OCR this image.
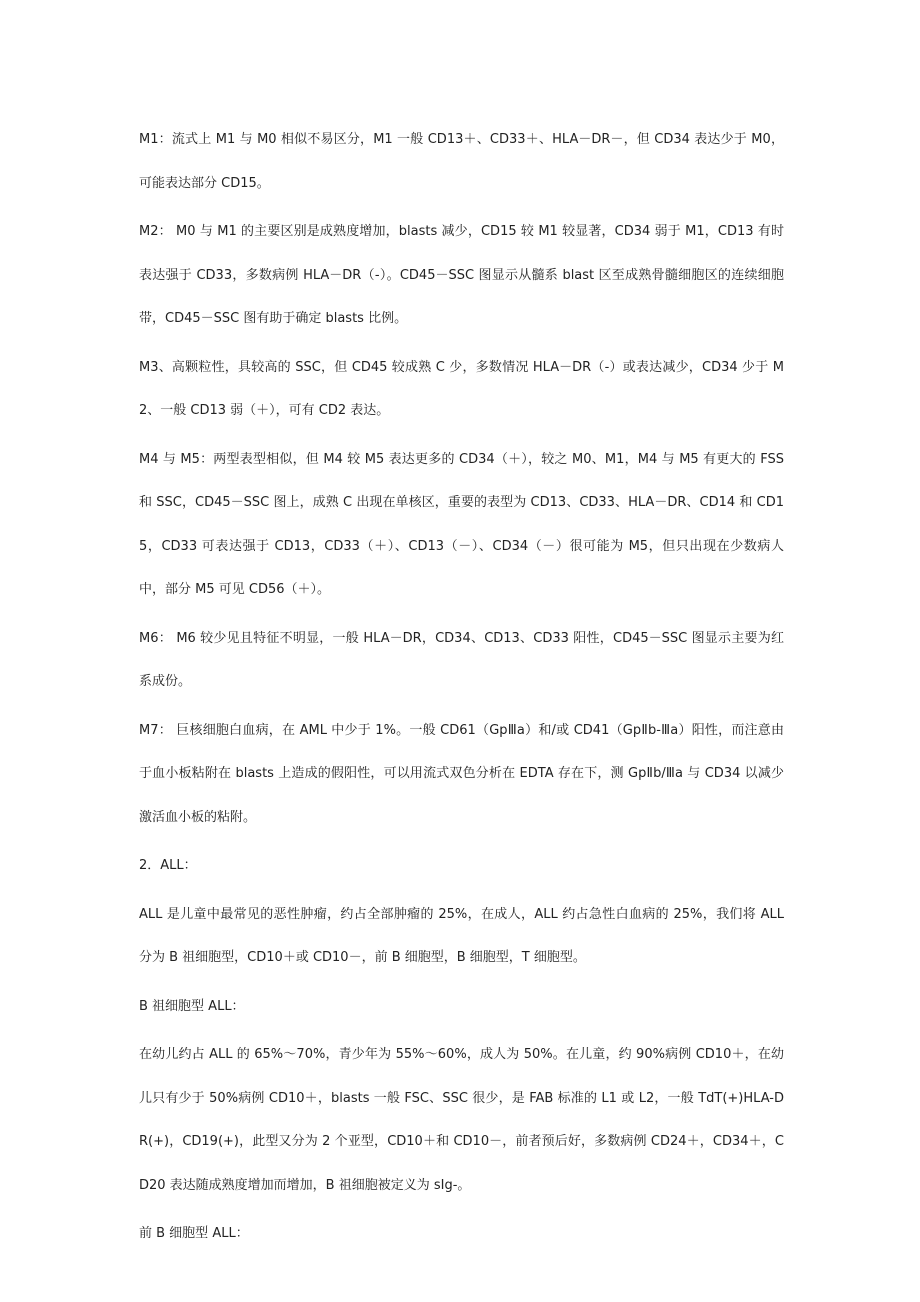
M1：流式上 M1 与 M0 相似不易区分，M1 一般 CD13＋、CD33＋、HLA－DR－，但 CD34 表达少于 M0，可能表达部分 CD15。

M2： M0 与 M1 的主要区别是成熟度增加，blasts 减少，CD15 较 M1 较显著，CD34 弱于 M1，CD13 有时表达强于 CD33，多数病例 HLA－DR（-）。CD45－SSC 图显示从髓系 blast 区至成熟骨髓细胞区的连续细胞带，CD45－SSC 图有助于确定 blasts 比例。

M3、高颗粒性，具较高的 SSC，但 CD45 较成熟 C 少，多数情况 HLA－DR（-）或表达减少，CD34 少于 M2、一般 CD13 弱（＋），可有 CD2 表达。

M4 与 M5：两型表型相似，但 M4 较 M5 表达更多的 CD34（＋），较之 M0、M1，M4 与 M5 有更大的 FSS 和 SSC，CD45－SSC 图上，成熟 C 出现在单核区，重要的表型为 CD13、CD33、HLA－DR、CD14 和 CD15，CD33 可表达强于 CD13，CD33（＋）、CD13（－）、CD34（－）很可能为 M5，但只出现在少数病人中，部分 M5 可见 CD56（＋）。

M6： M6 较少见且特征不明显，一般 HLA－DR，CD34、CD13、CD33 阳性，CD45－SSC 图显示主要为红系成份。

M7： 巨核细胞白血病，在 AML 中少于 1%。一般 CD61（GpⅢa）和/或 CD41（GpⅡb-Ⅲa）阳性，而注意由于血小板粘附在 blasts 上造成的假阳性，可以用流式双色分析在 EDTA 存在下，测 GpⅡb/Ⅲa 与 CD34 以减少激活血小板的粘附。

2．ALL：

ALL 是儿童中最常见的恶性肿瘤，约占全部肿瘤的 25%，在成人，ALL 约占急性白血病的 25%，我们将 ALL 分为 B 祖细胞型，CD10＋或 CD10－，前 B 细胞型，B 细胞型，T 细胞型。

B 祖细胞型 ALL：

在幼儿约占 ALL 的 65%～70%，青少年为 55%～60%，成人为 50%。在儿童，约 90%病例 CD10＋，在幼儿只有少于 50%病例 CD10＋，blasts 一般 FSC、SSC 很少，是 FAB 标准的 L1 或 L2，一般 TdT(+)HLA-DR(+)，CD19(+)，此型又分为 2 个亚型，CD10＋和 CD10－，前者预后好，多数病例 CD24＋，CD34＋，CD20 表达随成熟度增加而增加，B 祖细胞被定义为 sIg-。

前 B 细胞型 ALL：
